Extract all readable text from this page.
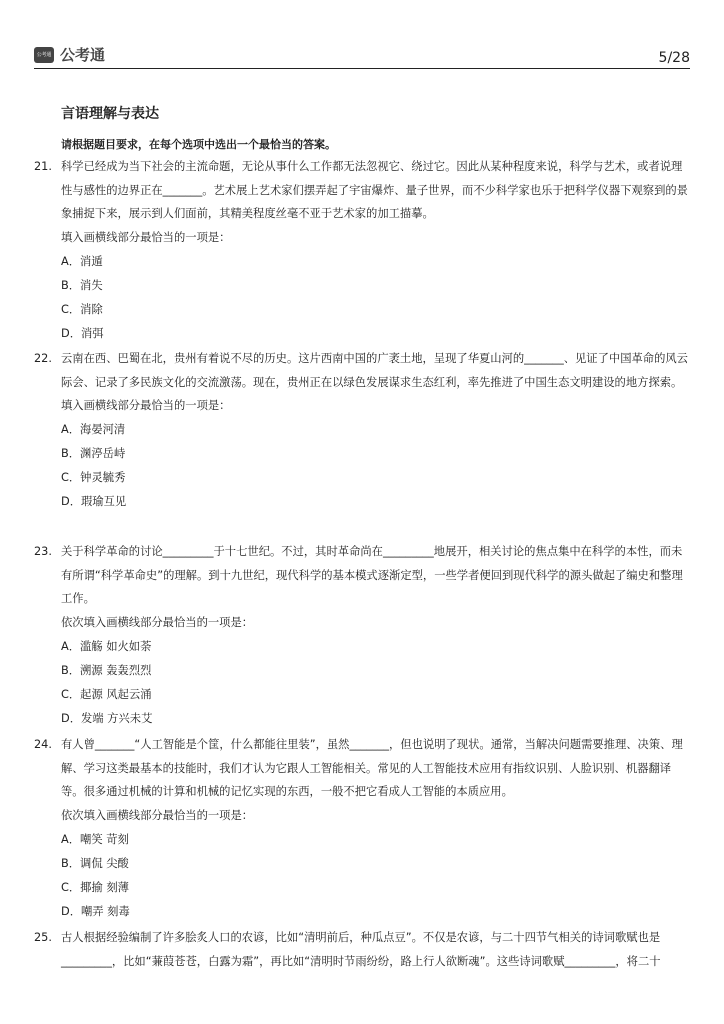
公考通 公考通	5/28
言语理解与表达
请根据题目要求，在每个选项中选出一个最恰当的答案。
21. 科学已经成为当下社会的主流命题，无论从事什么工作都无法忽视它、绕过它。因此从某种程度来说，科学与艺术，或者说理性与感性的边界正在_______。艺术展上艺术家们摆弄起了宇宙爆炸、量子世界，而不少科学家也乐于把科学仪器下观察到的景象捕捉下来，展示到人们面前，其精美程度丝毫不亚于艺术家的加工描摹。
填入画横线部分最恰当的一项是：
A．消遁
B．消失
C．消除
D．消弭
22. 云南在西、巴蜀在北，贵州有着说不尽的历史。这片西南中国的广袤土地，呈现了华夏山河的_______、见证了中国革命的风云际会、记录了多民族文化的交流激荡。现在，贵州正在以绿色发展谋求生态红利，率先推进了中国生态文明建设的地方探索。
填入画横线部分最恰当的一项是：
A．海晏河清
B．渊渟岳峙
C．钟灵毓秀
D．瑕瑜互见
23. 关于科学革命的讨论_________于十七世纪。不过，其时革命尚在_________地展开，相关讨论的焦点集中在科学的本性，而未有所谓“科学革命史”的理解。到十九世纪，现代科学的基本模式逐渐定型，一些学者便回到现代科学的源头做起了编史和整理工作。
依次填入画横线部分最恰当的一项是：
A．滥觞 如火如荼
B．溯源 轰轰烈烈
C．起源 风起云涌
D．发端 方兴未艾
24. 有人曾_______“人工智能是个筐，什么都能往里装”，虽然_______，但也说明了现状。通常，当解决问题需要推理、决策、理解、学习这类最基本的技能时，我们才认为它跟人工智能相关。常见的人工智能技术应用有指纹识别、人脸识别、机器翻译等。很多通过机械的计算和机械的记忆实现的东西，一般不把它看成人工智能的本质应用。
依次填入画横线部分最恰当的一项是：
A．嘲笑 苛刻
B．调侃 尖酸
C．揶揄 刻薄
D．嘲弄 刻毒
25. 古人根据经验编制了许多脍炙人口的农谚，比如“清明前后，种瓜点豆”。不仅是农谚，与二十四节气相关的诗词歌赋也是_________，比如“蒹葭苍苍，白露为霜”，再比如“清明时节雨纷纷，路上行人欲断魂”。这些诗词歌赋_________，将二十
